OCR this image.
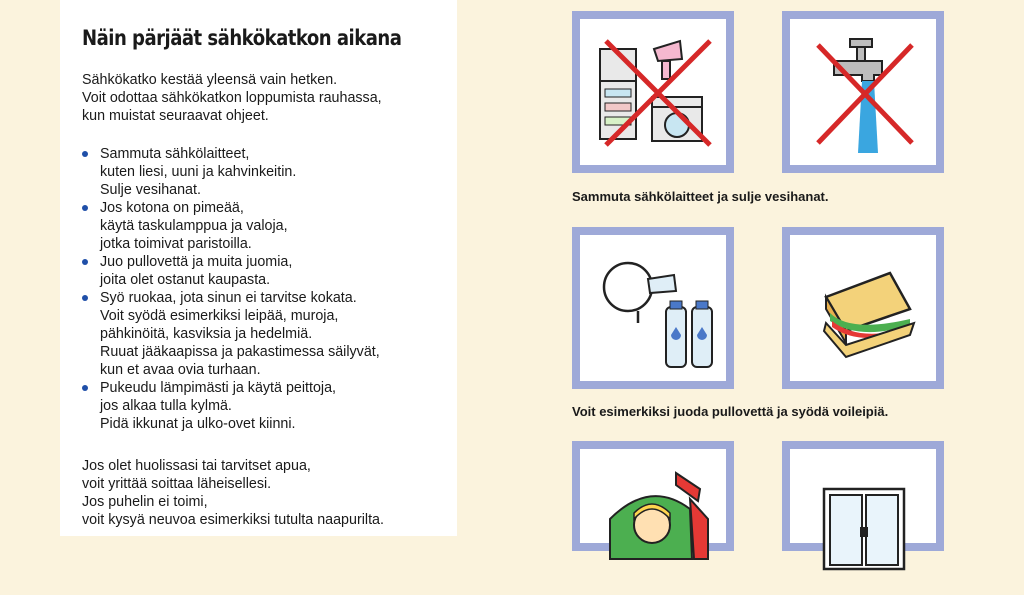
Näin pärjäät sähkökatkon aikana
Sähkökatko kestää yleensä vain hetken.
Voit odottaa sähkökatkon loppumista rauhassa,
kun muistat seuraavat ohjeet.
Sammuta sähkölaitteet,
kuten liesi, uuni ja kahvinkeitin.
Sulje vesihanat.
Jos kotona on pimeää,
käytä taskulamppua ja valoja,
jotka toimivat paristoilla.
Juo pullovettä ja muita juomia,
joita olet ostanut kaupasta.
Syö ruokaa, jota sinun ei tarvitse kokata.
Voit syödä esimerkiksi leipää, muroja,
pähkinöitä, kasviksia ja hedelmiä.
Ruuat jääkaapissa ja pakastimessa säilyvät,
kun et avaa ovia turhaan.
Pukeudu lämpimästi ja käytä peittoja,
jos alkaa tulla kylmä.
Pidä ikkunat ja ulko-ovet kiinni.
Jos olet huolissasi tai tarvitset apua,
voit yrittää soittaa läheisellesi.
Jos puhelin ei toimi,
voit kysyä neuvoa esimerkiksi tutulta naapurilta.
Sammuta sähkölaitteet ja sulje vesihanat.
Voit esimerkiksi juoda pullovettä ja syödä voileipiä.
